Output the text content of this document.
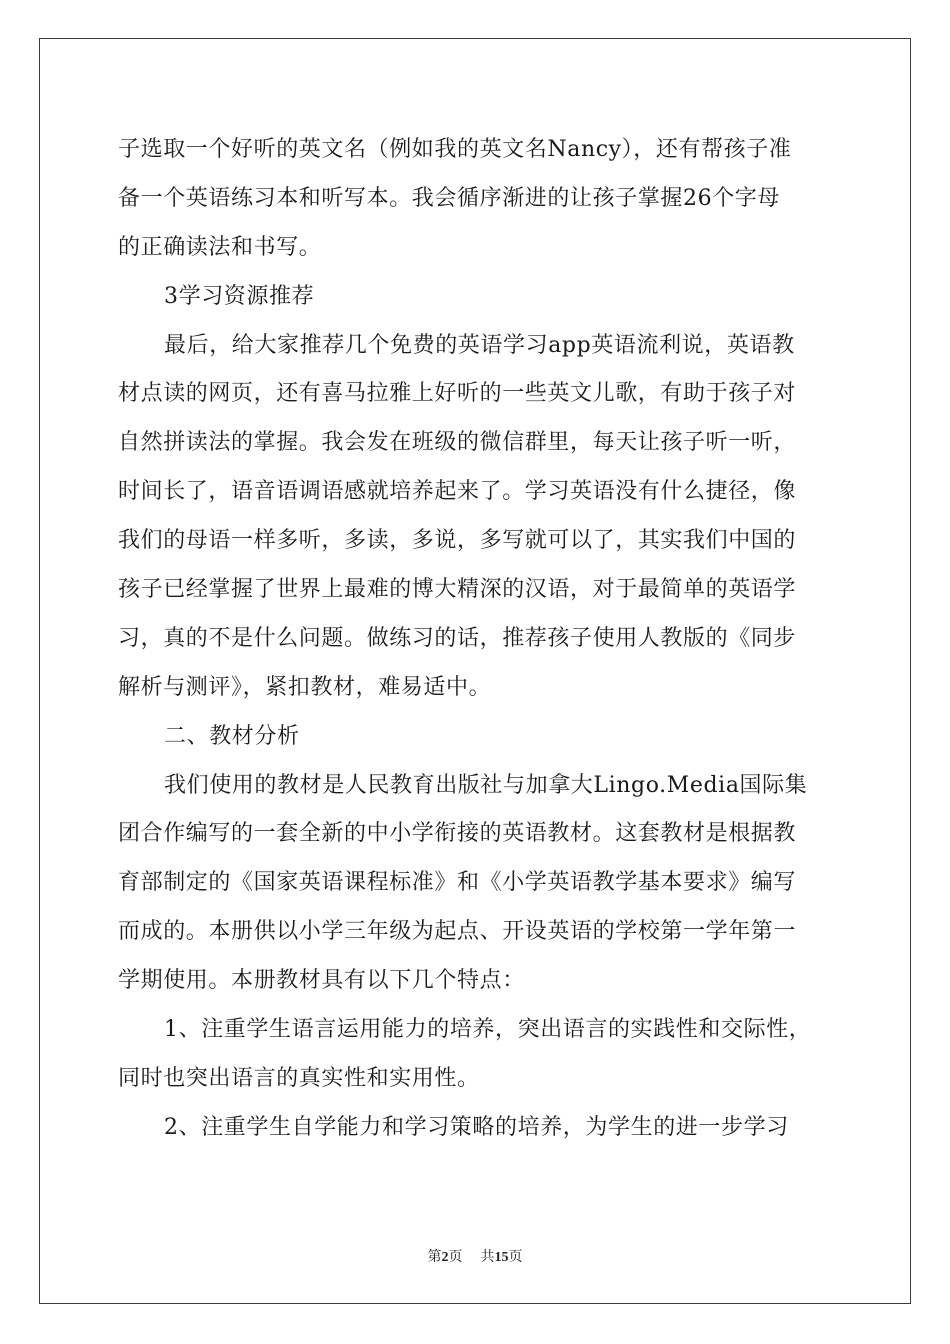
子选取一个好听的英文名（例如我的英文名Nancy），还有帮孩子准
备一个英语练习本和听写本。我会循序渐进的让孩子掌握26个字母
的正确读法和书写。
3学习资源推荐
最后，给大家推荐几个免费的英语学习app英语流利说，英语教
材点读的网页，还有喜马拉雅上好听的一些英文儿歌，有助于孩子对
自然拼读法的掌握。我会发在班级的微信群里，每天让孩子听一听，
时间长了，语音语调语感就培养起来了。学习英语没有什么捷径，像
我们的母语一样多听，多读，多说，多写就可以了，其实我们中国的
孩子已经掌握了世界上最难的博大精深的汉语，对于最简单的英语学
习，真的不是什么问题。做练习的话，推荐孩子使用人教版的《同步
解析与测评》，紧扣教材，难易适中。
二、教材分析
我们使用的教材是人民教育出版社与加拿大Lingo.Media国际集
团合作编写的一套全新的中小学衔接的英语教材。这套教材是根据教
育部制定的《国家英语课程标准》和《小学英语教学基本要求》编写
而成的。本册供以小学三年级为起点、开设英语的学校第一学年第一
学期使用。本册教材具有以下几个特点：
1、注重学生语言运用能力的培养，突出语言的实践性和交际性，
同时也突出语言的真实性和实用性。
2、注重学生自学能力和学习策略的培养，为学生的进一步学习
第2页 共15页
